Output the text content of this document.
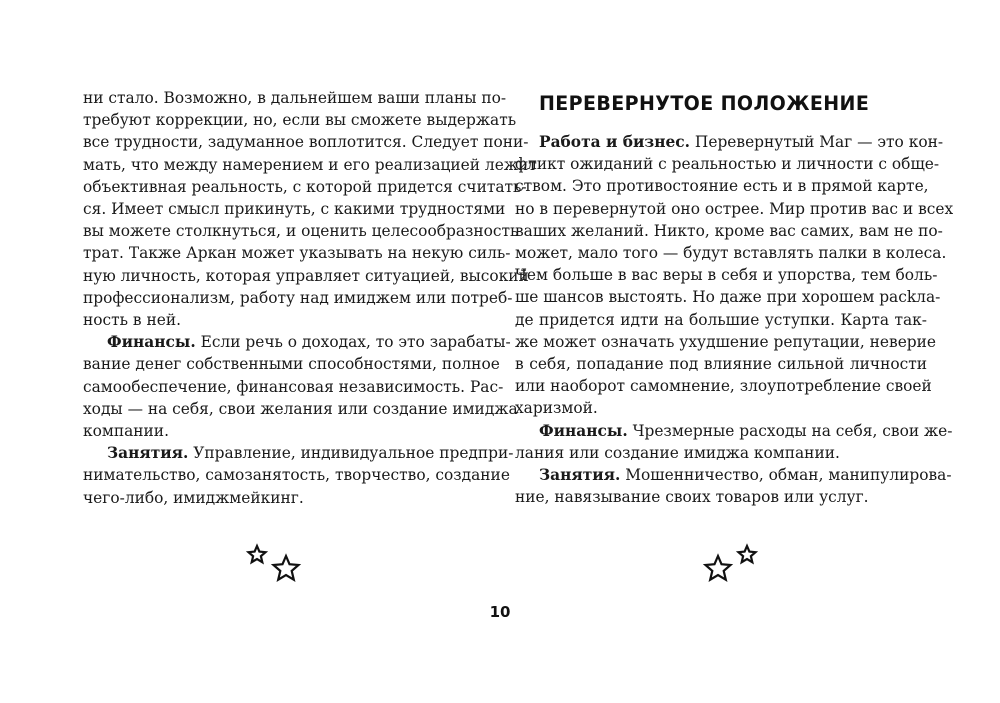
ни стало. Возможно, в дальнейшем ваши планы по-
требуют коррекции, но, если вы сможете выдержать
все трудности, задуманное воплотится. Следует пони-
мать, что между намерением и его реализацией лежит
объективная реальность, с которой придется считать-
ся. Имеет смысл прикинуть, с какими трудностями
вы можете столкнуться, и оценить целесообразность
трат. Также Аркан может указывать на некую силь-
ную личность, которая управляет ситуацией, высокий
профессионализм, работу над имиджем или потреб-
ность в ней.

Финансы. Если речь о доходах, то это зарабаты-
вание денег собственными способностями, полное
самообеспечение, финансовая независимость. Рас-
ходы — на себя, свои желания или создание имиджа
компании.

Занятия. Управление, индивидуальное предпри-
нимательство, самозанятость, творчество, создание
чего-либо, имиджмейкинг.

ПЕРЕВЕРНУТОЕ ПОЛОЖЕНИЕ

Работа и бизнес. Перевернутый Маг — это кон-
фликт ожиданий с реальностью и личности с обще-
ством. Это противостояние есть и в прямой карте,
но в перевернутой оно острее. Мир против вас и всех
ваших желаний. Никто, кроме вас самих, вам не по-
может, мало того — будут вставлять палки в колеса.
Чем больше в вас веры в себя и упорства, тем боль-
ше шансов выстоять. Но даже при хорошем расkла-
де придется идти на большие уступки. Карта так-
же может означать ухудшение репутации, неверие
в себя, попадание под влияние сильной личности
или наоборот самомнение, злоупотребление своей
харизмой.

Финансы. Чрезмерные расходы на себя, свои же-
лания или создание имиджа компании.

Занятия. Мошенничество, обман, манипулирова-
ние, навязывание своих товаров или услуг.

10
